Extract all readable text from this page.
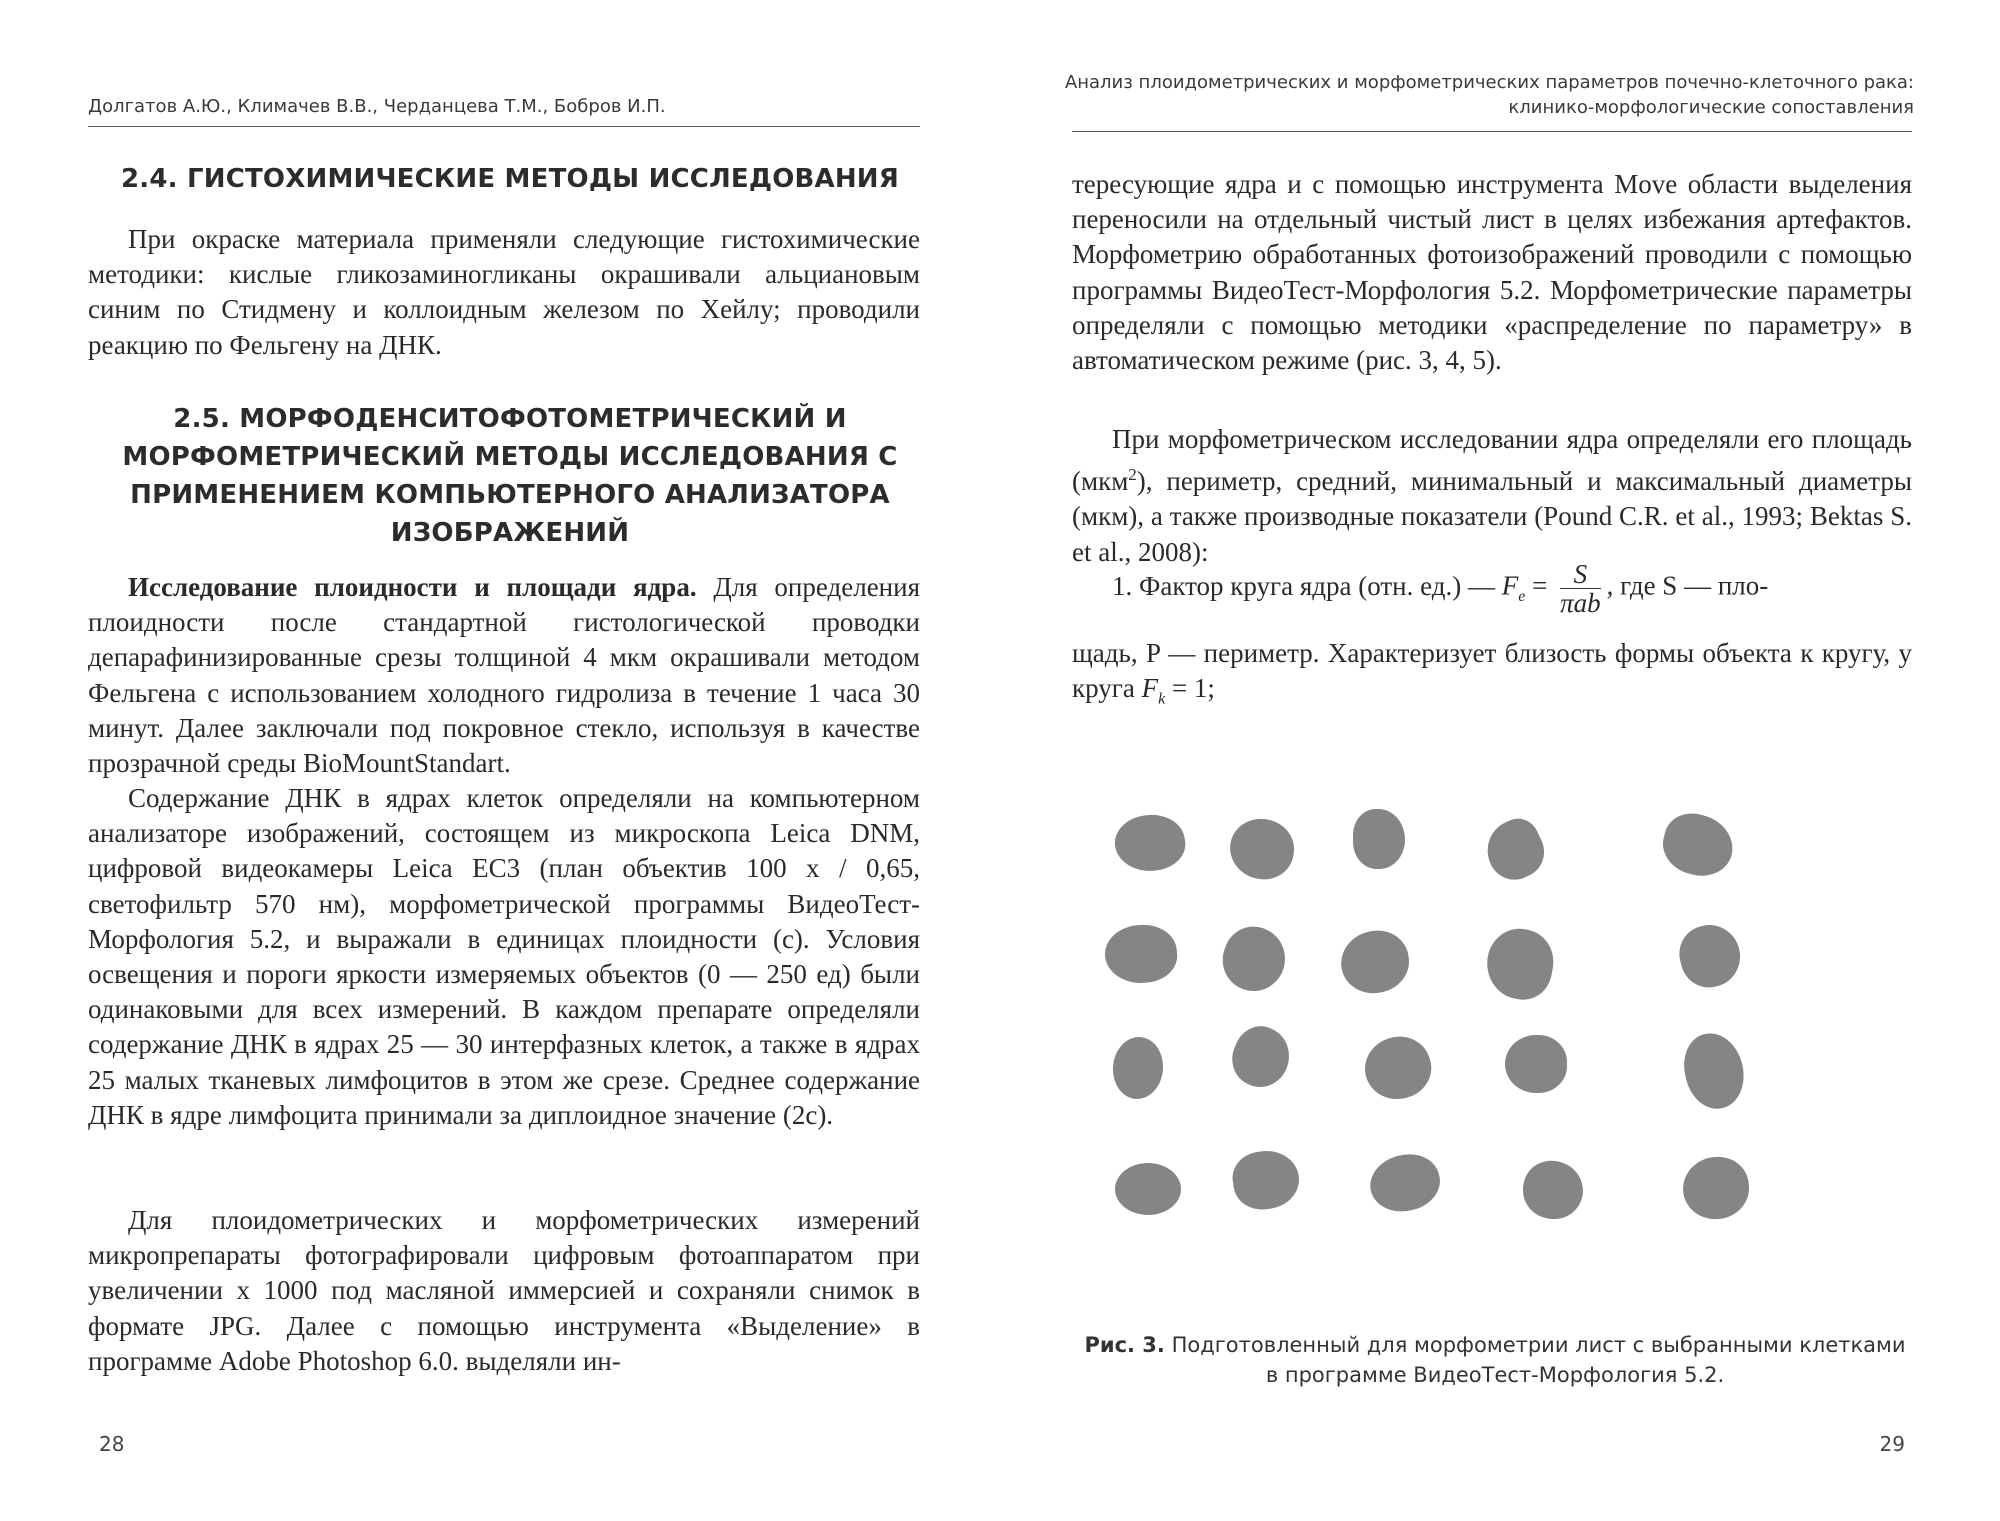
Долгатов А.Ю., Климачев В.В., Черданцева Т.М., Бобров И.П.
2.4. ГИСТОХИМИЧЕСКИЕ МЕТОДЫ ИССЛЕДОВАНИЯ
При окраске материала применяли следующие гистохимические методики: кислые гликозаминогликаны окрашивали альциановым синим по Стидмену и коллоидным железом по Хейлу; проводили реакцию по Фельгену на ДНК.
2.5. МОРФОДЕНСИТОФОТОМЕТРИЧЕСКИЙ И МОРФОМЕТРИЧЕСКИЙ МЕТОДЫ ИССЛЕДОВАНИЯ С ПРИМЕНЕНИЕМ КОМПЬЮТЕРНОГО АНАЛИЗАТОРА ИЗОБРАЖЕНИЙ
Исследование плоидности и площади ядра. Для определения плоидности после стандартной гистологической проводки депарафинизированные срезы толщиной 4 мкм окрашивали методом Фельгена с использованием холодного гидролиза в течение 1 часа 30 минут. Далее заключали под покровное стекло, используя в качестве прозрачной среды BioMountStandart.
Содержание ДНК в ядрах клеток определяли на компьютерном анализаторе изображений, состоящем из микроскопа Leica DNM, цифровой видеокамеры Leica EC3 (план объектив 100 х / 0,65, светофильтр 570 нм), морфометрической программы ВидеоТест-Морфология 5.2, и выражали в единицах плоидности (с). Условия освещения и пороги яркости измеряемых объектов (0 — 250 ед) были одинаковыми для всех измерений. В каждом препарате определяли содержание ДНК в ядрах 25 — 30 интерфазных клеток, а также в ядрах 25 малых тканевых лимфоцитов в этом же срезе. Среднее содержание ДНК в ядре лимфоцита принимали за диплоидное значение (2с).
Для плоидометрических и морфометрических измерений микропрепараты фотографировали цифровым фотоаппаратом при увеличении х 1000 под масляной иммерсией и сохраняли снимок в формате JPG. Далее с помощью инструмента «Выделение» в программе Adobe Photoshop 6.0. выделяли ин-
28
Анализ плоидометрических и морфометрических параметров почечно-клеточного рака:
клинико-морфологические сопоставления
тересующие ядра и с помощью инструмента Move области выделения переносили на отдельный чистый лист в целях избежания артефактов. Морфометрию обработанных фотоизображений проводили с помощью программы ВидеоТест-Морфология 5.2. Морфометрические параметры определяли с помощью методики «распределение по параметру» в автоматическом режиме (рис. 3, 4, 5).
При морфометрическом исследовании ядра определяли его площадь (мкм$^2$), периметр, средний, минимальный и максимальный диаметры (мкм), а также производные показатели (Pound C.R. et al., 1993; Bektas S. et al., 2008):
1. Фактор круга ядра (отн. ед.) — $F_e = \frac{S}{\text{πab}}$ , где S — пло-
щадь, P — периметр. Характеризует близость формы объекта к кругу, у круга $F_k = 1$;
Рис. 3. Подготовленный для морфометрии лист с выбранными клетками в программе ВидеоТест-Морфология 5.2.
29
